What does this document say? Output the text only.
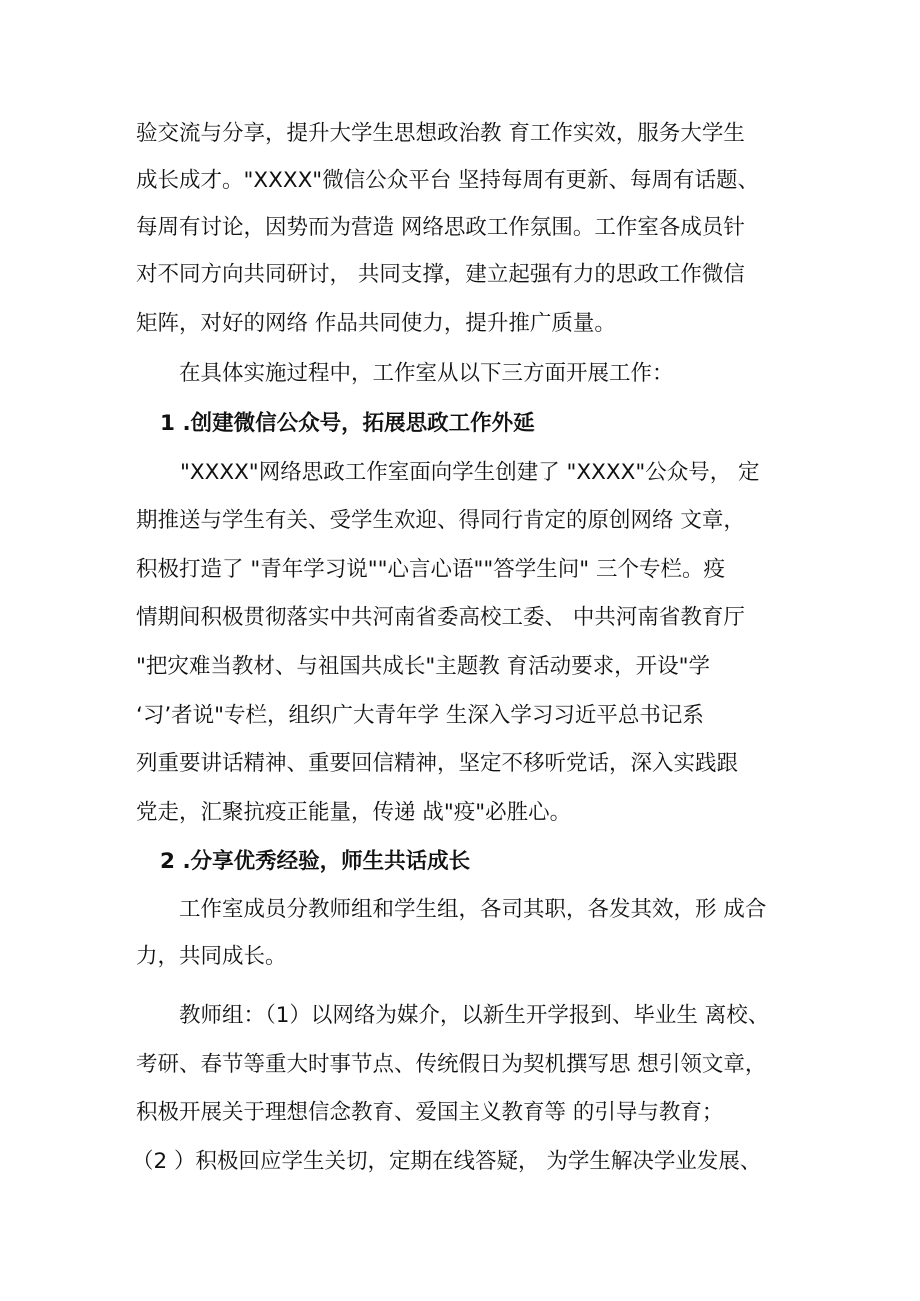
验交流与分享，提升大学生思想政治教 育工作实效，服务大学生
成长成才。"XXXX"微信公众平台 坚持每周有更新、每周有话题、
每周有讨论，因势而为营造 网络思政工作氛围。工作室各成员针
对不同方向共同研讨， 共同支撑，建立起强有力的思政工作微信
矩阵，对好的网络 作品共同使力，提升推广质量。
　　在具体实施过程中，工作室从以下三方面开展工作：
1 .创建微信公众号，拓展思政工作外延
"XXXX"网络思政工作室面向学生创建了 "XXXX"公众号， 定
期推送与学生有关、受学生欢迎、得同行肯定的原创网络 文章，
积极打造了 "青年学习说""心言心语""答学生问" 三个专栏。疫
情期间积极贯彻落实中共河南省委高校工委、 中共河南省教育厅
"把灾难当教材、与祖国共成长"主题教 育活动要求，开设"学
‘习’者说"专栏，组织广大青年学 生深入学习习近平总书记系
列重要讲话精神、重要回信精神，坚定不移听党话，深入实践跟
党走，汇聚抗疫正能量，传递 战"疫"必胜心。
2 .分享优秀经验，师生共话成长
　　工作室成员分教师组和学生组，各司其职，各发其效，形 成合
力，共同成长。
　　教师组：（1）以网络为媒介，以新生开学报到、毕业生 离校、
考研、春节等重大时事节点、传统假日为契机撰写思 想引领文章，
积极开展关于理想信念教育、爱国主义教育等 的引导与教育；
（2 ）积极回应学生关切，定期在线答疑， 为学生解决学业发展、
